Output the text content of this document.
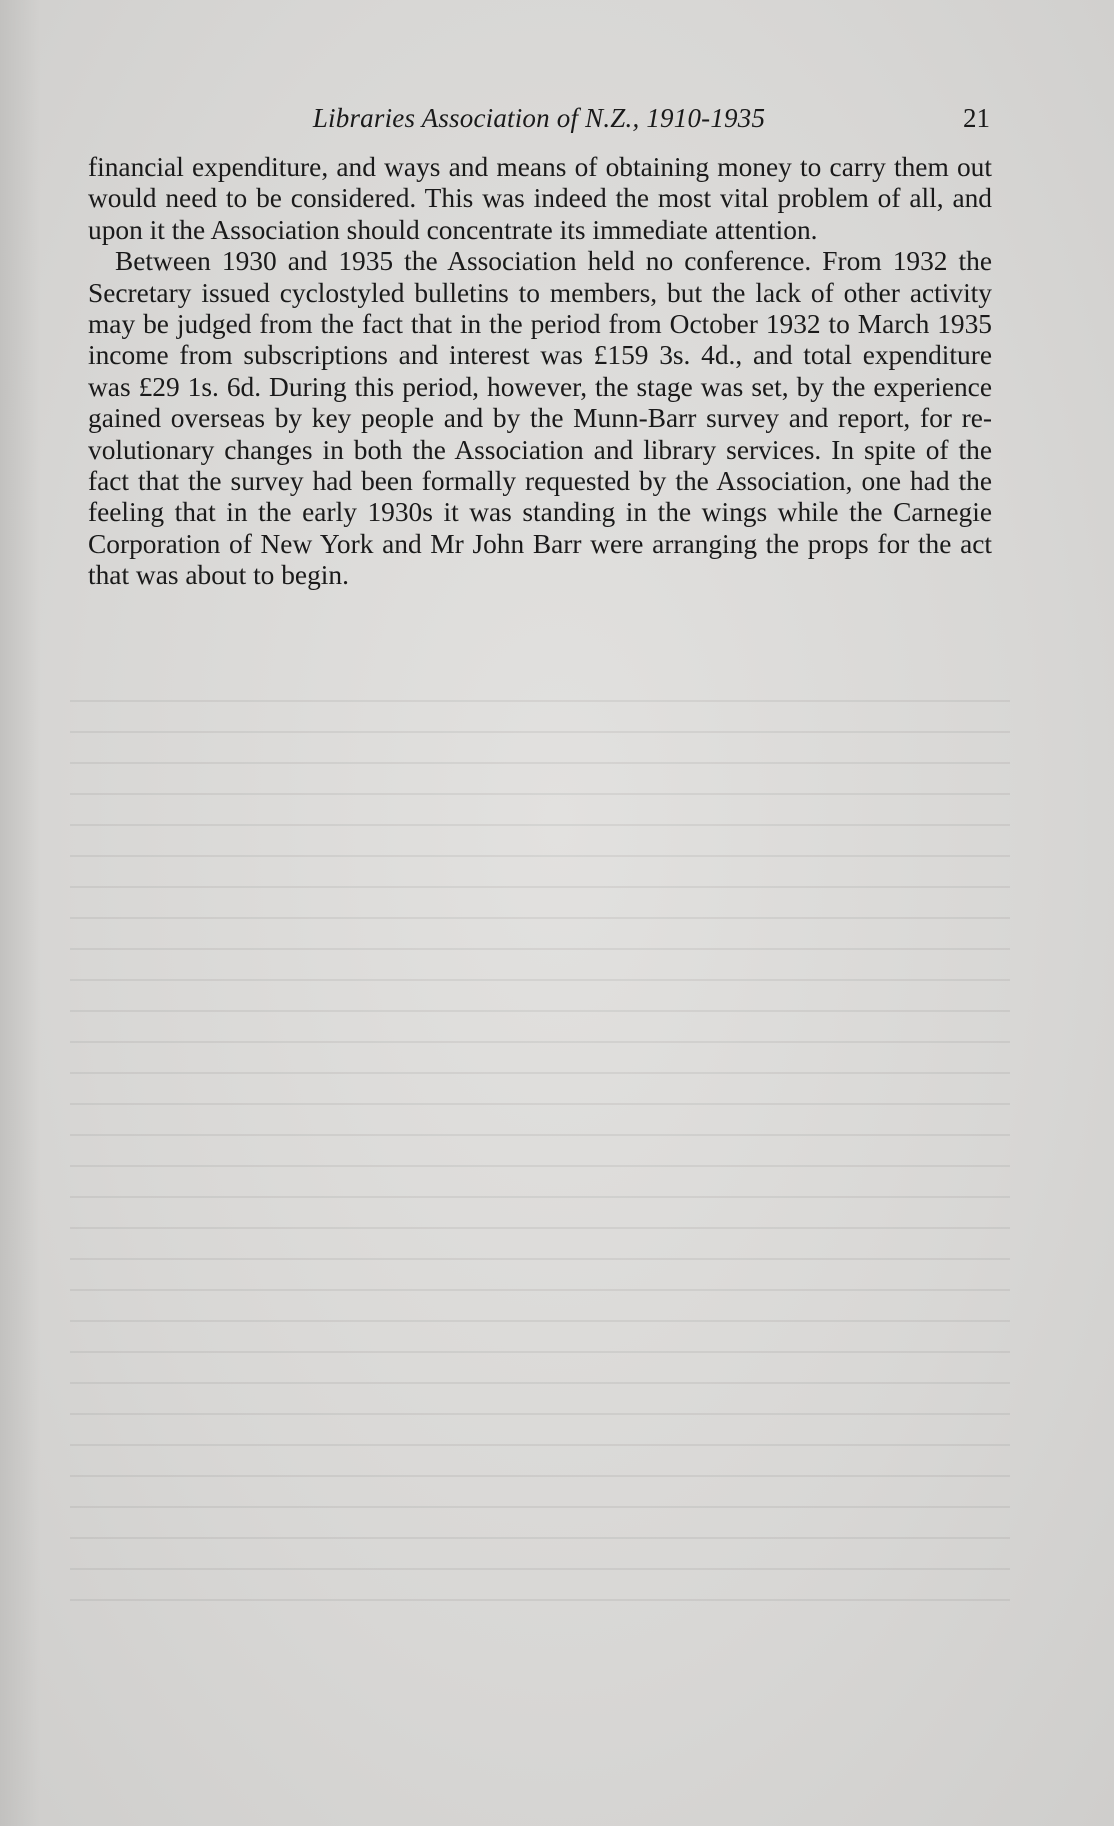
Libraries Association of N.Z., 1910-1935	21

financial expenditure, and ways and means of obtaining money to carry them out would need to be considered. This was indeed the most vital problem of all, and upon it the Association should concentrate its immediate attention.

Between 1930 and 1935 the Association held no conference. From 1932 the Secretary issued cyclostyled bulletins to members, but the lack of other activity may be judged from the fact that in the period from October 1932 to March 1935 income from subscriptions and interest was £159 3s. 4d., and total expenditure was £29 1s. 6d. During this period, however, the stage was set, by the experience gained overseas by key people and by the Munn-Barr survey and report, for revolutionary changes in both the Association and library services. In spite of the fact that the survey had been formally requested by the Association, one had the feeling that in the early 1930s it was standing in the wings while the Carnegie Corporation of New York and Mr John Barr were arranging the props for the act that was about to begin.
